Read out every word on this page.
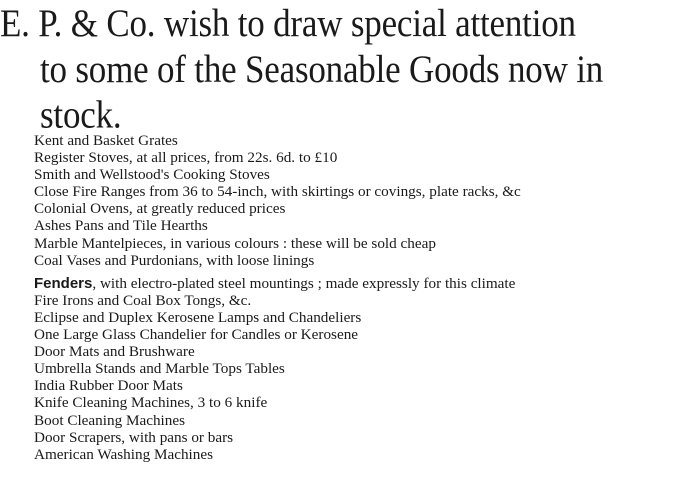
E. P. & Co. wish to draw special attention
to some of the Seasonable Goods now in
stock.
Kent and Basket Grates
Register Stoves, at all prices, from 22s. 6d. to £10
Smith and Wellstood's Cooking Stoves
Close Fire Ranges from 36 to 54-inch, with skirtings or covings, plate racks, &c
Colonial Ovens, at greatly reduced prices
Ashes Pans and Tile Hearths
Marble Mantelpieces, in various colours : these will be sold cheap
Coal Vases and Purdonians, with loose linings
Fenders, with electro-plated steel mountings ; made expressly for this climate
Fire Irons and Coal Box Tongs, &c.
Eclipse and Duplex Kerosene Lamps and Chandeliers
One Large Glass Chandelier for Candles or Kerosene
Door Mats and Brushware
Umbrella Stands and Marble Tops Tables
India Rubber Door Mats
Knife Cleaning Machines, 3 to 6 knife
Boot Cleaning Machines
Door Scrapers, with pans or bars
American Washing Machines
